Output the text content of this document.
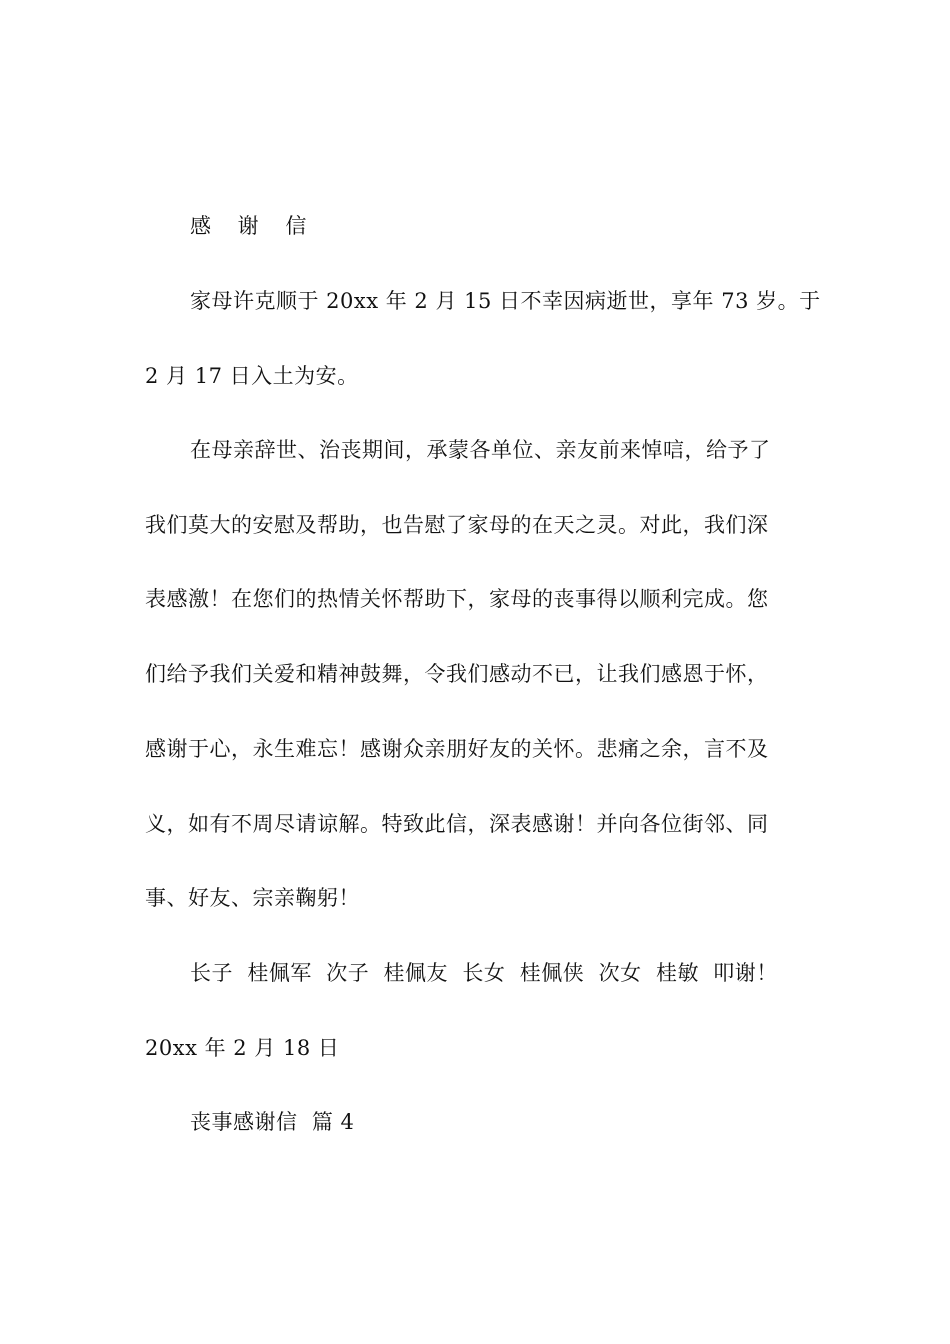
感 谢 信
家母许克顺于 20xx 年 2 月 15 日不幸因病逝世，享年 73 岁。于
2 月 17 日入土为安。
在母亲辞世、治丧期间，承蒙各单位、亲友前来悼唁，给予了
我们莫大的安慰及帮助，也告慰了家母的在天之灵。对此，我们深
表感激！在您们的热情关怀帮助下，家母的丧事得以顺利完成。您
们给予我们关爱和精神鼓舞，令我们感动不已，让我们感恩于怀，
感谢于心，永生难忘！感谢众亲朋好友的关怀。悲痛之余，言不及
义，如有不周尽请谅解。特致此信，深表感谢！并向各位街邻、同
事、好友、宗亲鞠躬！
长子  桂佩军  次子  桂佩友  长女  桂佩侠  次女  桂敏  叩谢！
20xx 年 2 月 18 日
丧事感谢信  篇 4
